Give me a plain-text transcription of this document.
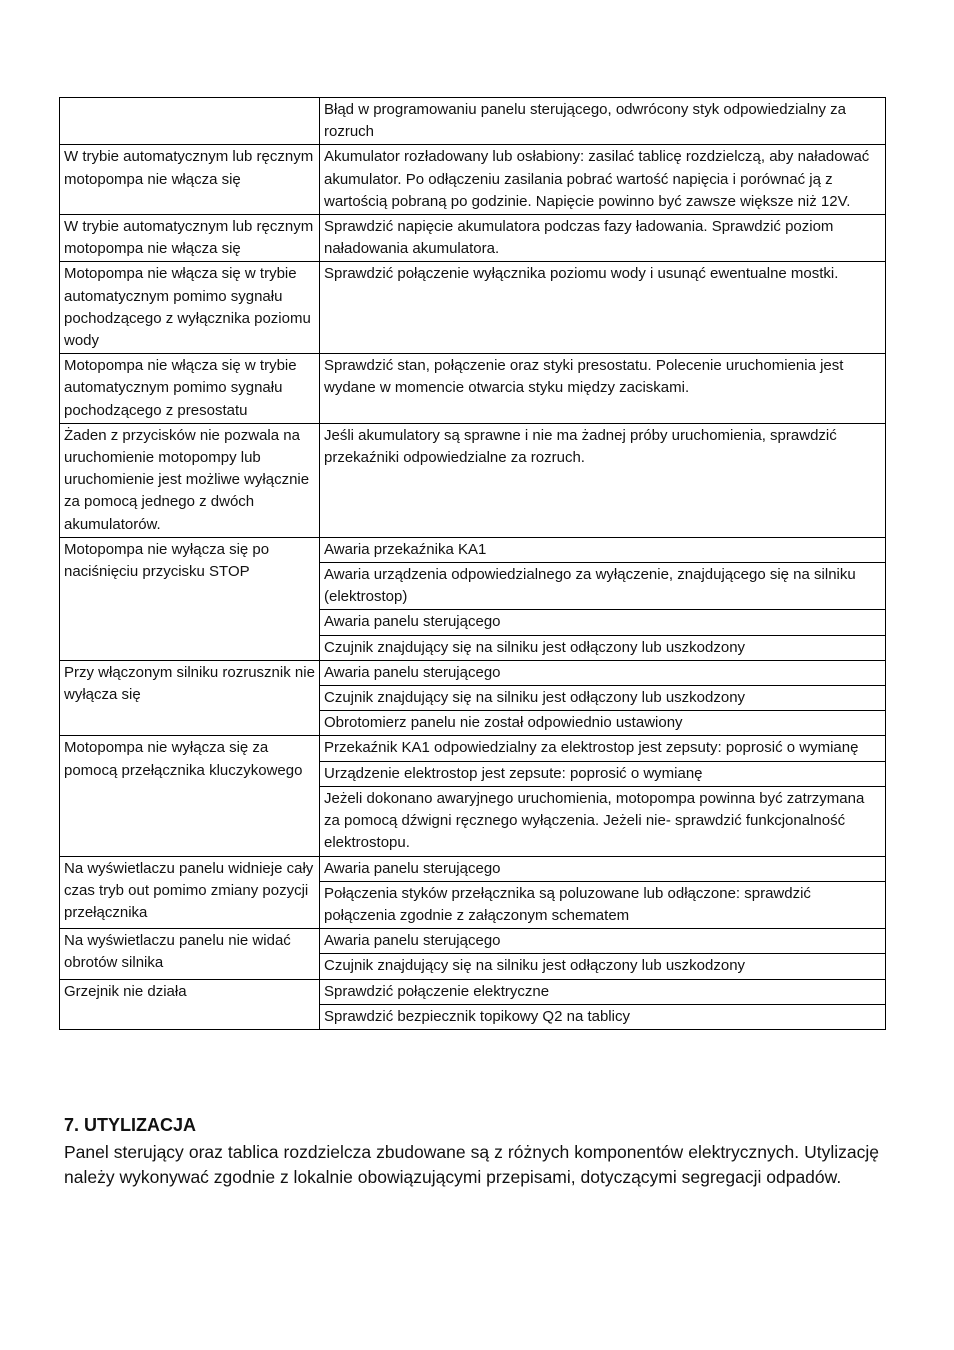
	Błąd w programowaniu panelu sterującego, odwrócony styk odpowiedzialny za rozruch

W trybie automatycznym lub ręcznym motopompa nie włącza się	Akumulator rozładowany lub osłabiony: zasilać tablicę rozdzielczą, aby naładować akumulator. Po odłączeniu zasilania pobrać wartość napięcia i porównać ją z wartością pobraną po godzinie. Napięcie powinno być zawsze większe niż 12V.

W trybie automatycznym lub ręcznym motopompa nie włącza się	Sprawdzić napięcie akumulatora podczas fazy ładowania. Sprawdzić poziom naładowania akumulatora.

Motopompa nie włącza się w trybie automatycznym pomimo sygnału pochodzącego z wyłącznika poziomu wody	Sprawdzić połączenie wyłącznika poziomu wody i usunąć ewentualne mostki.

Motopompa nie włącza się w trybie automatycznym pomimo sygnału pochodzącego z presostatu	Sprawdzić stan, połączenie oraz styki presostatu. Polecenie uruchomienia jest wydane w momencie otwarcia styku między zaciskami.

Żaden z przycisków nie pozwala na uruchomienie motopompy lub uruchomienie jest możliwe wyłącznie za pomocą jednego z dwóch akumulatorów.	Jeśli akumulatory są sprawne i nie ma żadnej próby uruchomienia, sprawdzić przekaźniki odpowiedzialne za rozruch.

Motopompa nie wyłącza się po naciśnięciu przycisku STOP	Awaria przekaźnika KA1
Awaria urządzenia odpowiedzialnego za wyłączenie, znajdującego się na silniku (elektrostop)
Awaria panelu sterującego
Czujnik znajdujący się na silniku jest odłączony lub uszkodzony

Przy włączonym silniku rozrusznik nie wyłącza się	Awaria panelu sterującego
Czujnik znajdujący się na silniku jest odłączony lub uszkodzony
Obrotomierz panelu nie został odpowiednio ustawiony

Motopompa nie wyłącza się za pomocą przełącznika kluczykowego	Przekaźnik KA1 odpowiedzialny za elektrostop jest zepsuty: poprosić o wymianę
Urządzenie elektrostop jest zepsute: poprosić o wymianę
Jeżeli dokonano awaryjnego uruchomienia, motopompa powinna być zatrzymana za pomocą dźwigni ręcznego wyłączenia. Jeżeli nie- sprawdzić funkcjonalność elektrostopu.

Na wyświetlaczu panelu widnieje cały czas tryb out pomimo zmiany pozycji przełącznika	Awaria panelu sterującego
Połączenia styków przełącznika są poluzowane lub odłączone: sprawdzić połączenia zgodnie z załączonym schematem

Na wyświetlaczu panelu nie widać obrotów silnika	Awaria panelu sterującego
Czujnik znajdujący się na silniku jest odłączony lub uszkodzony

Grzejnik nie działa	Sprawdzić połączenie elektryczne
Sprawdzić bezpiecznik topikowy Q2 na tablicy
7. UTYLIZACJA

Panel sterujący oraz tablica rozdzielcza zbudowane są z różnych komponentów elektrycznych. Utylizację należy wykonywać zgodnie z lokalnie obowiązującymi przepisami, dotyczącymi segregacji odpadów.
